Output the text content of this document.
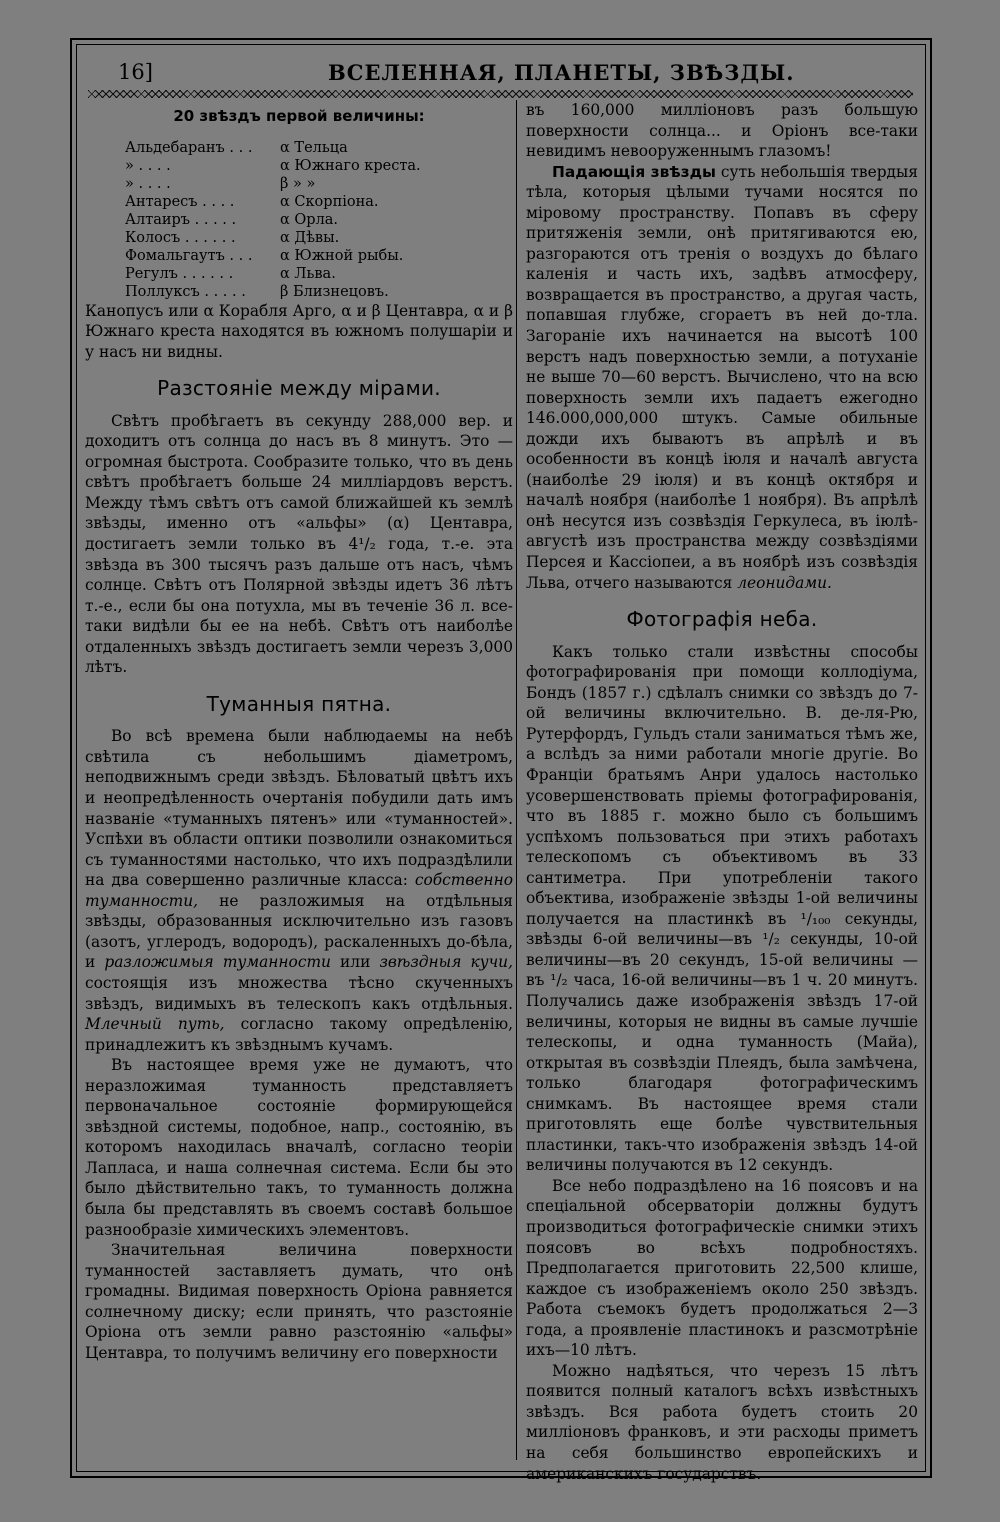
16]	ВСЕЛЕННАЯ, ПЛАНЕТЫ, ЗВѢЗДЫ.
20 звѣздъ первой величины:
Альдебаранъ . . .	α Тельца
» . . . .	α Южнаго креста.
» . . . .	β » »
Антаресъ . . . .	α Скорпіона.
Алтаиръ . . . . .	α Орла.
Колосъ . . . . . .	α Дѣвы.
Фомальгаутъ . . .	α Южной рыбы.
Регулъ . . . . . .	α Льва.
Поллуксъ . . . . .	β Близнецовъ.

Канопусъ или α Корабля Арго, α и β Центавра, α и β Южнаго креста находятся въ южномъ полушаріи и у насъ ни видны.

Разстояніе между мірами.

Свѣтъ пробѣгаетъ въ секунду 288,000 вер. и доходитъ отъ солнца до насъ въ 8 минутъ. Это — огромная быстрота. Сообразите только, что въ день свѣтъ пробѣгаетъ больше 24 миллiардовъ верстъ. Между тѣмъ свѣтъ отъ самой ближайшей къ землѣ звѣзды, именно отъ «альфы» (α) Центавра, достигаетъ земли только въ 4¹/₂ года, т.-е. эта звѣзда въ 300 тысячъ разъ дальше отъ насъ, чѣмъ солнце. Свѣтъ отъ Полярной звѣзды идетъ 36 лѣтъ т.-е., если бы она потухла, мы въ теченіе 36 л. все-таки видѣли бы ее на небѣ. Свѣтъ отъ наиболѣе отдаленныхъ звѣздъ достигаетъ земли черезъ 3,000 лѣтъ.

Туманныя пятна.

Во всѣ времена были наблюдаемы на небѣ свѣтила съ небольшимъ діаметромъ, неподвижнымъ среди звѣздъ. Бѣловатый цвѣтъ ихъ и неопредѣленность очертанія побудили дать имъ названіе «туманныхъ пятенъ» или «туманностей». Успѣхи въ области оптики позволили ознакомиться съ туманностями настолько, что ихъ подраздѣлили на два совершенно различные класса: собственно туманности, не разложимыя на отдѣльныя звѣзды, образованныя исключительно изъ газовъ (азотъ, углеродъ, водородъ), раскаленныхъ до-бѣла, и разложимыя туманности или звѣздныя кучи, состоящія изъ множества тѣсно скученныхъ звѣздъ, видимыхъ въ телескопъ какъ отдѣльныя. Млечный путь, согласно такому опредѣленію, принадлежитъ къ звѣзднымъ кучамъ.

Въ настоящее время уже не думаютъ, что неразложимая туманность представляетъ первоначальное состояніе формирующейся звѣздной системы, подобное, напр., состоянію, въ которомъ находилась вначалѣ, согласно теоріи Лапласа, и наша солнечная система. Если бы это было дѣйствительно такъ, то туманность должна была бы представлять въ своемъ составѣ большое разнообразіе химическихъ элементовъ.

Значительная величина поверхности туманностей заставляетъ думать, что онѣ громадны. Видимая поверхность Оріона равняется солнечному диску; если принять, что разстояніе Оріона отъ земли равно разстоянію «альфы» Центавра, то получимъ величину его поверхности

въ 160,000 милліоновъ разъ большую поверхности солнца... и Оріонъ все-таки невидимъ невооруженнымъ глазомъ!

Падающія звѣзды суть небольшія твердыя тѣла, которыя цѣлыми тучами носятся по міровому пространству. Попавъ въ сферу притяженія земли, онѣ притягиваются ею, разгораются отъ тренія о воздухъ до бѣлаго каленія и часть ихъ, задѣвъ атмосферу, возвращается въ пространство, а другая часть, попавшая глубже, сгораетъ въ ней до-тла. Загораніе ихъ начинается на высотѣ 100 верстъ надъ поверхностью земли, а потуханіе не выше 70—60 верстъ. Вычислено, что на всю поверхность земли ихъ падаетъ ежегодно 146.000,000,000 штукъ. Самые обильные дожди ихъ бываютъ въ апрѣлѣ и въ особенности въ концѣ іюля и началѣ августа (наиболѣе 29 іюля) и въ концѣ октября и началѣ ноября (наиболѣе 1 ноября). Въ апрѣлѣ онѣ несутся изъ созвѣздія Геркулеса, въ іюлѣ-августѣ изъ пространства между созвѣздіями Персея и Кассіопеи, а въ ноябрѣ изъ созвѣздія Льва, отчего называются леонидами.

Фотографія неба.

Какъ только стали извѣстны способы фотографированія при помощи коллодіума, Бондъ (1857 г.) сдѣлалъ снимки со звѣздъ до 7-ой величины включительно. В. де-ля-Рю, Рутерфордъ, Гульдъ стали заниматься тѣмъ же, а вслѣдъ за ними работали многіе другіе. Во Франціи братьямъ Анри удалось настолько усовершенствовать пріемы фотографированія, что въ 1885 г. можно было съ большимъ успѣхомъ пользоваться при этихъ работахъ телескопомъ съ объективомъ въ 33 сантиметра. При употребленіи такого объектива, изображеніе звѣзды 1-ой величины получается на пластинкѣ въ ¹/₁₀₀ секунды, звѣзды 6-ой величины—въ ¹/₂ секунды, 10-ой величины—въ 20 секундъ, 15-ой величины — въ ¹/₂ часа, 16-ой величины—въ 1 ч. 20 минутъ. Получались даже изображенія звѣздъ 17-ой величины, которыя не видны въ самые лучшіе телескопы, и одна туманность (Майа), открытая въ созвѣздіи Плеядъ, была замѣчена, только благодаря фотографическимъ снимкамъ. Въ настоящее время стали приготовлять еще болѣе чувствительныя пластинки, такъ-что изображенія звѣздъ 14-ой величины получаются въ 12 секундъ.

Все небо подраздѣлено на 16 поясовъ и на спеціальной обсерваторіи должны будутъ производиться фотографическіе снимки этихъ поясовъ во всѣхъ подробностяхъ. Предполагается приготовить 22,500 клише, каждое съ изображеніемъ около 250 звѣздъ. Работа съемокъ будетъ продолжаться 2—3 года, а проявленіе пластинокъ и разсмотрѣніе ихъ—10 лѣтъ.

Можно надѣяться, что черезъ 15 лѣтъ появится полный каталогъ всѣхъ извѣстныхъ звѣздъ. Вся работа будетъ стоить 20 милліоновъ франковъ, и эти расходы приметъ на себя большинство европейскихъ и американскихъ государствъ.
